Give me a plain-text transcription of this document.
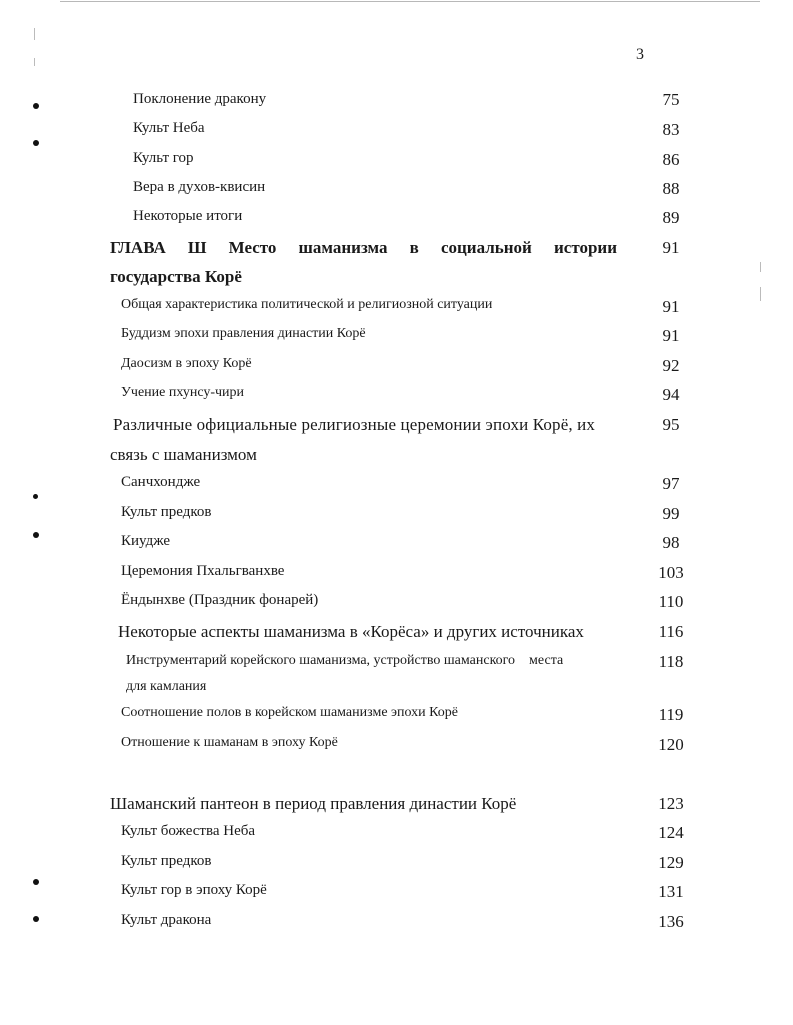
3
Поклонение дракону	75
Культ Неба	83
Культ гор	86
Вера в духов-квисин	88
Некоторые итоги	89
ГЛАВА Ш Место шаманизма в социальной истории	91
государства Корё
Общая характеристика политической и религиозной ситуации	91
Буддизм эпохи правления династии Корё	91
Даосизм в эпоху Корё	92
Учение пхунсу-чири	94
Различные официальные религиозные церемонии эпохи Корё, их	95
связь с шаманизмом
Санчхондже	97
Культ предков	99
Киудже	98
Церемония Пхальгванхве	103
Ёндынхве (Праздник фонарей)	110
Некоторые аспекты шаманизма в «Корёса» и других источниках	116
Инструментарий корейского шаманизма, устройство шаманского    места	118
для камлания
Соотношение полов в корейском шаманизме эпохи Корё	119
Отношение к шаманам в эпоху Корё	120
Шаманский пантеон в период правления династии Корё	123
Культ божества Неба	124
Культ предков	129
Культ гор в эпоху Корё	131
Культ дракона	136
